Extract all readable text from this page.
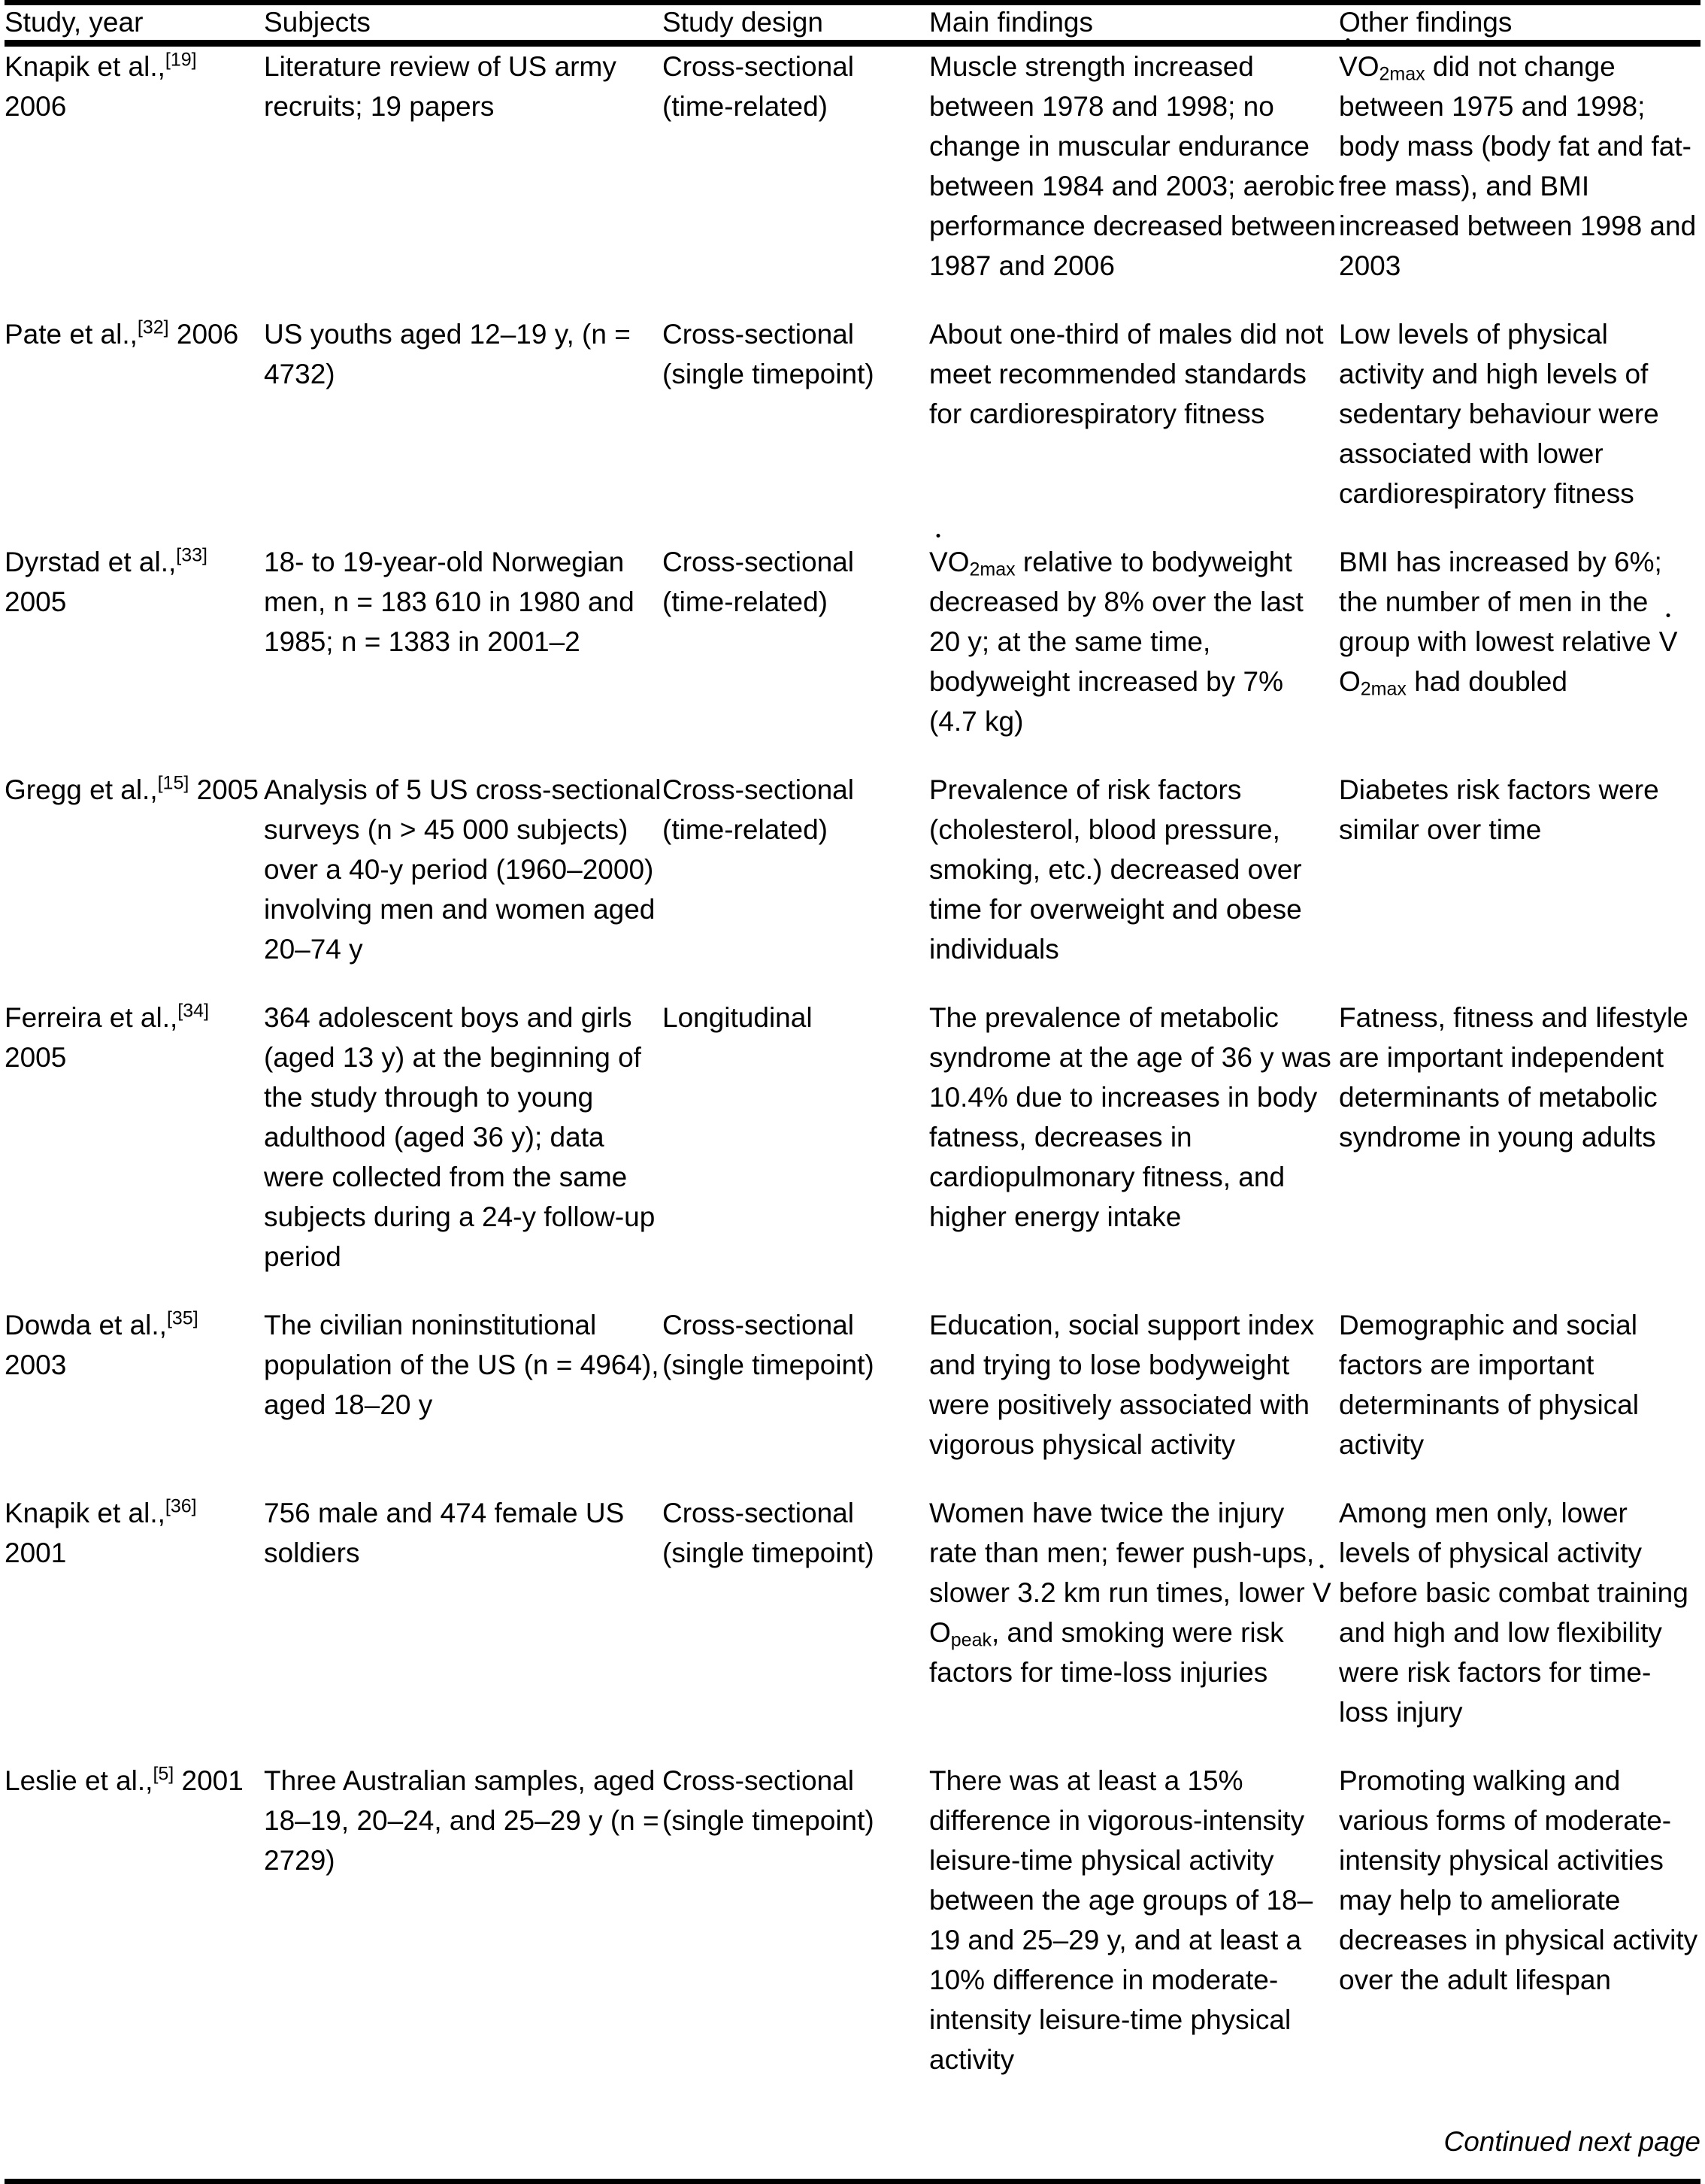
Study, year	Subjects	Study design	Main findings	Other findings
Knapik et al.,[19] 2006	Literature review of US army recruits; 19 papers	Cross-sectional (time-related)	Muscle strength increased between 1978 and 1998; no change in muscular endurance between 1984 and 2003; aerobic performance decreased between 1987 and 2006	$VO_{2max}$ did not change between 1975 and 1998; body mass (body fat and fat-free mass), and BMI increased between 1998 and 2003

Pate et al.,[32] 2006	US youths aged 12–19 y, (n = 4732)	Cross-sectional (single timepoint)	About one-third of males did not meet recommended standards for cardiorespiratory fitness	Low levels of physical activity and high levels of sedentary behaviour were associated with lower cardiorespiratory fitness

Dyrstad et al.,[33] 2005	18- to 19-year-old Norwegian men, n = 183 610 in 1980 and 1985; n = 1383 in 2001–2	Cross-sectional (time-related)	$VO_{2max}$ relative to bodyweight decreased by 8% over the last 20 y; at the same time, bodyweight increased by 7% (4.7 kg)	BMI has increased by 6%; the number of men in the group with lowest relative $VO_{2max}$ had doubled

Gregg et al.,[15] 2005	Analysis of 5 US cross-sectional surveys (n > 45 000 subjects) over a 40-y period (1960–2000) involving men and women aged 20–74 y	Cross-sectional (time-related)	Prevalence of risk factors (cholesterol, blood pressure, smoking, etc.) decreased over time for overweight and obese individuals	Diabetes risk factors were similar over time

Ferreira et al.,[34] 2005	364 adolescent boys and girls (aged 13 y) at the beginning of the study through to young adulthood (aged 36 y); data were collected from the same subjects during a 24-y follow-up period	Longitudinal	The prevalence of metabolic syndrome at the age of 36 y was 10.4% due to increases in body fatness, decreases in cardiopulmonary fitness, and higher energy intake	Fatness, fitness and lifestyle are important independent determinants of metabolic syndrome in young adults

Dowda et al.,[35] 2003	The civilian noninstitutional population of the US (n = 4964), aged 18–20 y	Cross-sectional (single timepoint)	Education, social support index and trying to lose bodyweight were positively associated with vigorous physical activity	Demographic and social factors are important determinants of physical activity

Knapik et al.,[36] 2001	756 male and 474 female US soldiers	Cross-sectional (single timepoint)	Women have twice the injury rate than men; fewer push-ups, slower 3.2 km run times, lower $VO_{peak}$, and smoking were risk factors for time-loss injuries	Among men only, lower levels of physical activity before basic combat training and high and low flexibility were risk factors for time-loss injury

Leslie et al.,[5] 2001	Three Australian samples, aged 18–19, 20–24, and 25–29 y (n = 2729)	Cross-sectional (single timepoint)	There was at least a 15% difference in vigorous-intensity leisure-time physical activity between the age groups of 18–19 and 25–29 y, and at least a 10% difference in moderate-intensity leisure-time physical activity	Promoting walking and various forms of moderate-intensity physical activities may help to ameliorate decreases in physical activity over the adult lifespan
Continued next page
